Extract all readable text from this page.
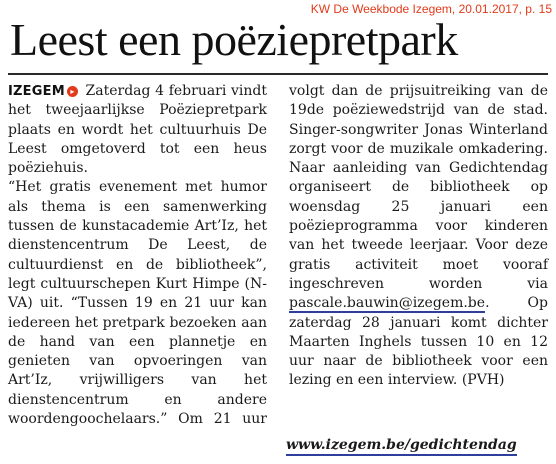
KW De Weekbode Izegem, 20.01.2017, p. 15
Leest een poëziepretpark

IZEGEM ▸ Zaterdag 4 februari vindt het tweejaarlijkse Poëziepretpark plaats en wordt het cultuurhuis De Leest omgetoverd tot een heus poëziehuis.

“Het gratis evenement met humor als thema is een samenwerking tussen de kunstacademie Art’Iz, het dienstencentrum De Leest, de cultuurdienst en de bibliotheek”, legt cultuurschepen Kurt Himpe (N-VA) uit. “Tussen 19 en 21 uur kan iedereen het pretpark bezoeken aan de hand van een plannetje en genieten van opvoeringen van Art’Iz, vrijwilligers van het dienstencentrum en andere woordengoochelaars.” Om 21 uur volgt dan de prijsuitreiking van de 19de poëziewedstrijd van de stad. Singer-songwriter Jonas Winterland zorgt voor de muzikale omkadering. Naar aanleiding van Gedichtendag organiseert de bibliotheek op woensdag 25 januari een poëzieprogramma voor kinderen van het tweede leerjaar. Voor deze gratis activiteit moet vooraf ingeschreven worden via pascale.bauwin@izegem.be. Op zaterdag 28 januari komt dichter Maarten Inghels tussen 10 en 12 uur naar de bibliotheek voor een lezing en een interview. (PVH)

www.izegem.be/gedichtendag
